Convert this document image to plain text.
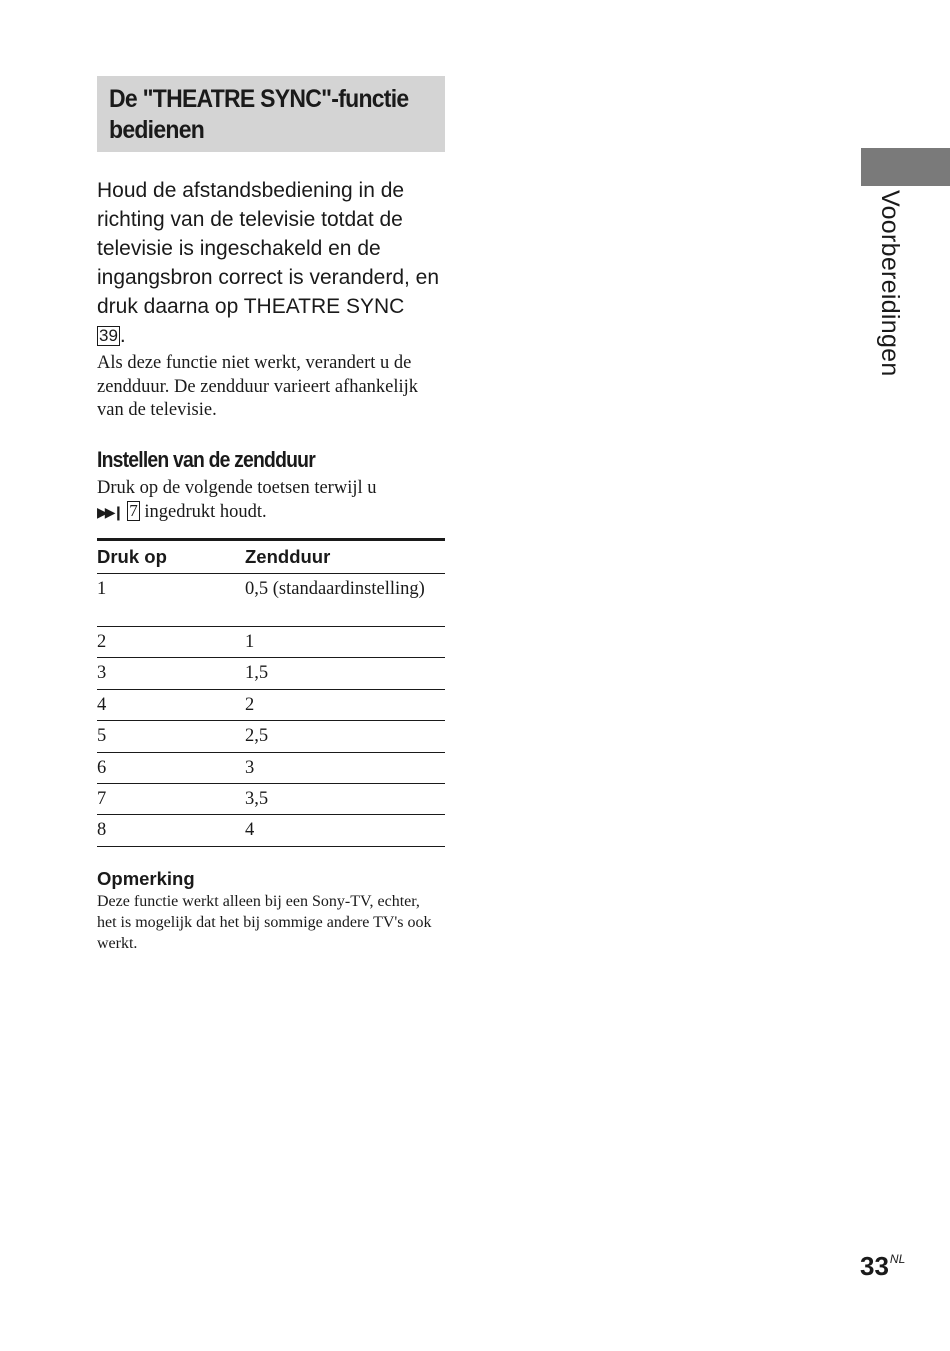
De "THEATRE SYNC"-functie
bedienen

Houd de afstandsbediening in de richting van de televisie totdat de televisie is ingeschakeld en de ingangsbron correct is veranderd, en druk daarna op THEATRE SYNC
39.

Als deze functie niet werkt, verandert u de zendduur. De zendduur varieert afhankelijk van de televisie.

Instellen van de zendduur

Druk op de volgende toetsen terwijl u
▶▶❙ 7 ingedrukt houdt.

Druk op	Zendduur
1	0,5 (standaardinstelling)
2	1
3	1,5
4	2
5	2,5
6	3
7	3,5
8	4
Opmerking

Deze functie werkt alleen bij een Sony-TV, echter, het is mogelijk dat het bij sommige andere TV's ook werkt.

Voorbereidingen
$33^{NL}$
